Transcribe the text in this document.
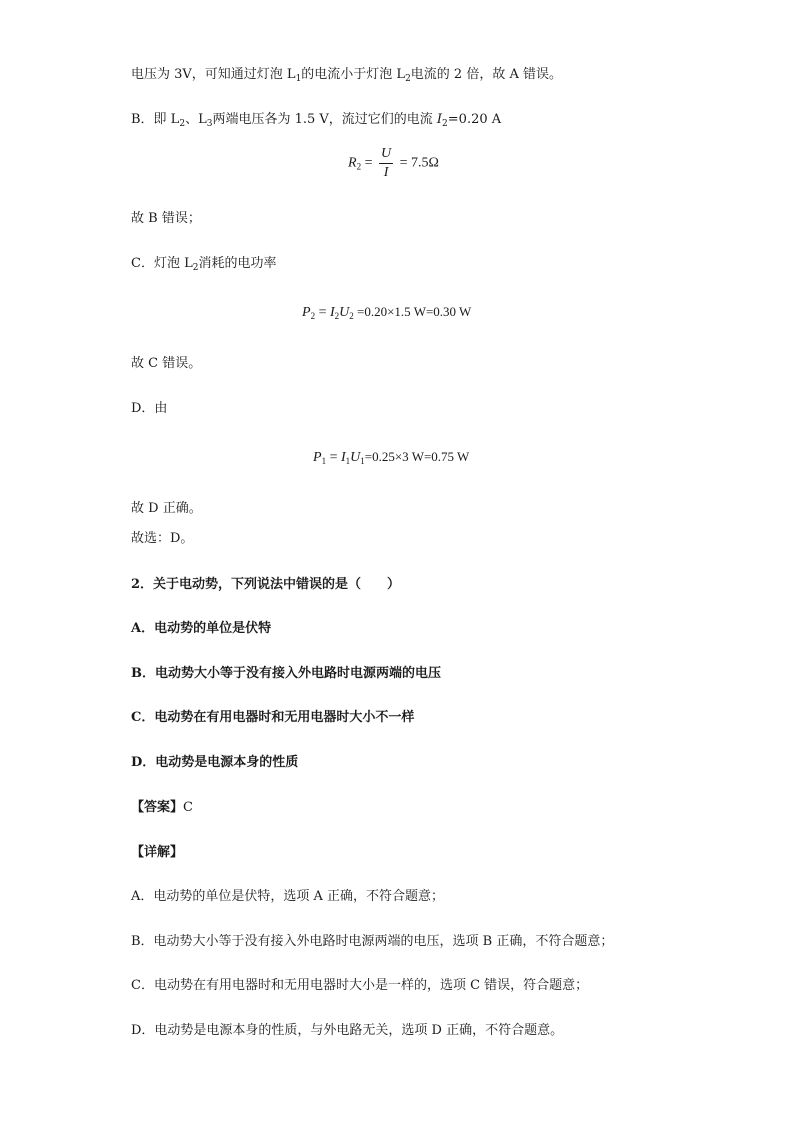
电压为 3V，可知通过灯泡 $L_1$的电流小于灯泡 $L_2$电流的 2 倍，故 A 错误。
B．即 $L_2$、$L_3$两端电压各为 1.5 V，流过它们的电流 $I_2=0.20$ A
$R_2 = \frac{U}{I} = 7.5\Omega$
故 B 错误；
C．灯泡 $L_2$消耗的电功率
$P_2 = I_2U_2 =0.20\times 1.5$ W=0.30 W
故 C 错误。
D．由
$P_1 = I_1U_1=0.25\times 3$ W=0.75 W
故 D 正确。
故选：D。
2．关于电动势，下列说法中错误的是（　　）
A．电动势的单位是伏特
B．电动势大小等于没有接入外电路时电源两端的电压
C．电动势在有用电器时和无用电器时大小不一样
D．电动势是电源本身的性质
【答案】C
【详解】
A．电动势的单位是伏特，选项 A 正确，不符合题意；
B．电动势大小等于没有接入外电路时电源两端的电压，选项 B 正确，不符合题意；
C．电动势在有用电器时和无用电器时大小是一样的，选项 C 错误，符合题意；
D．电动势是电源本身的性质，与外电路无关，选项 D 正确，不符合题意。
